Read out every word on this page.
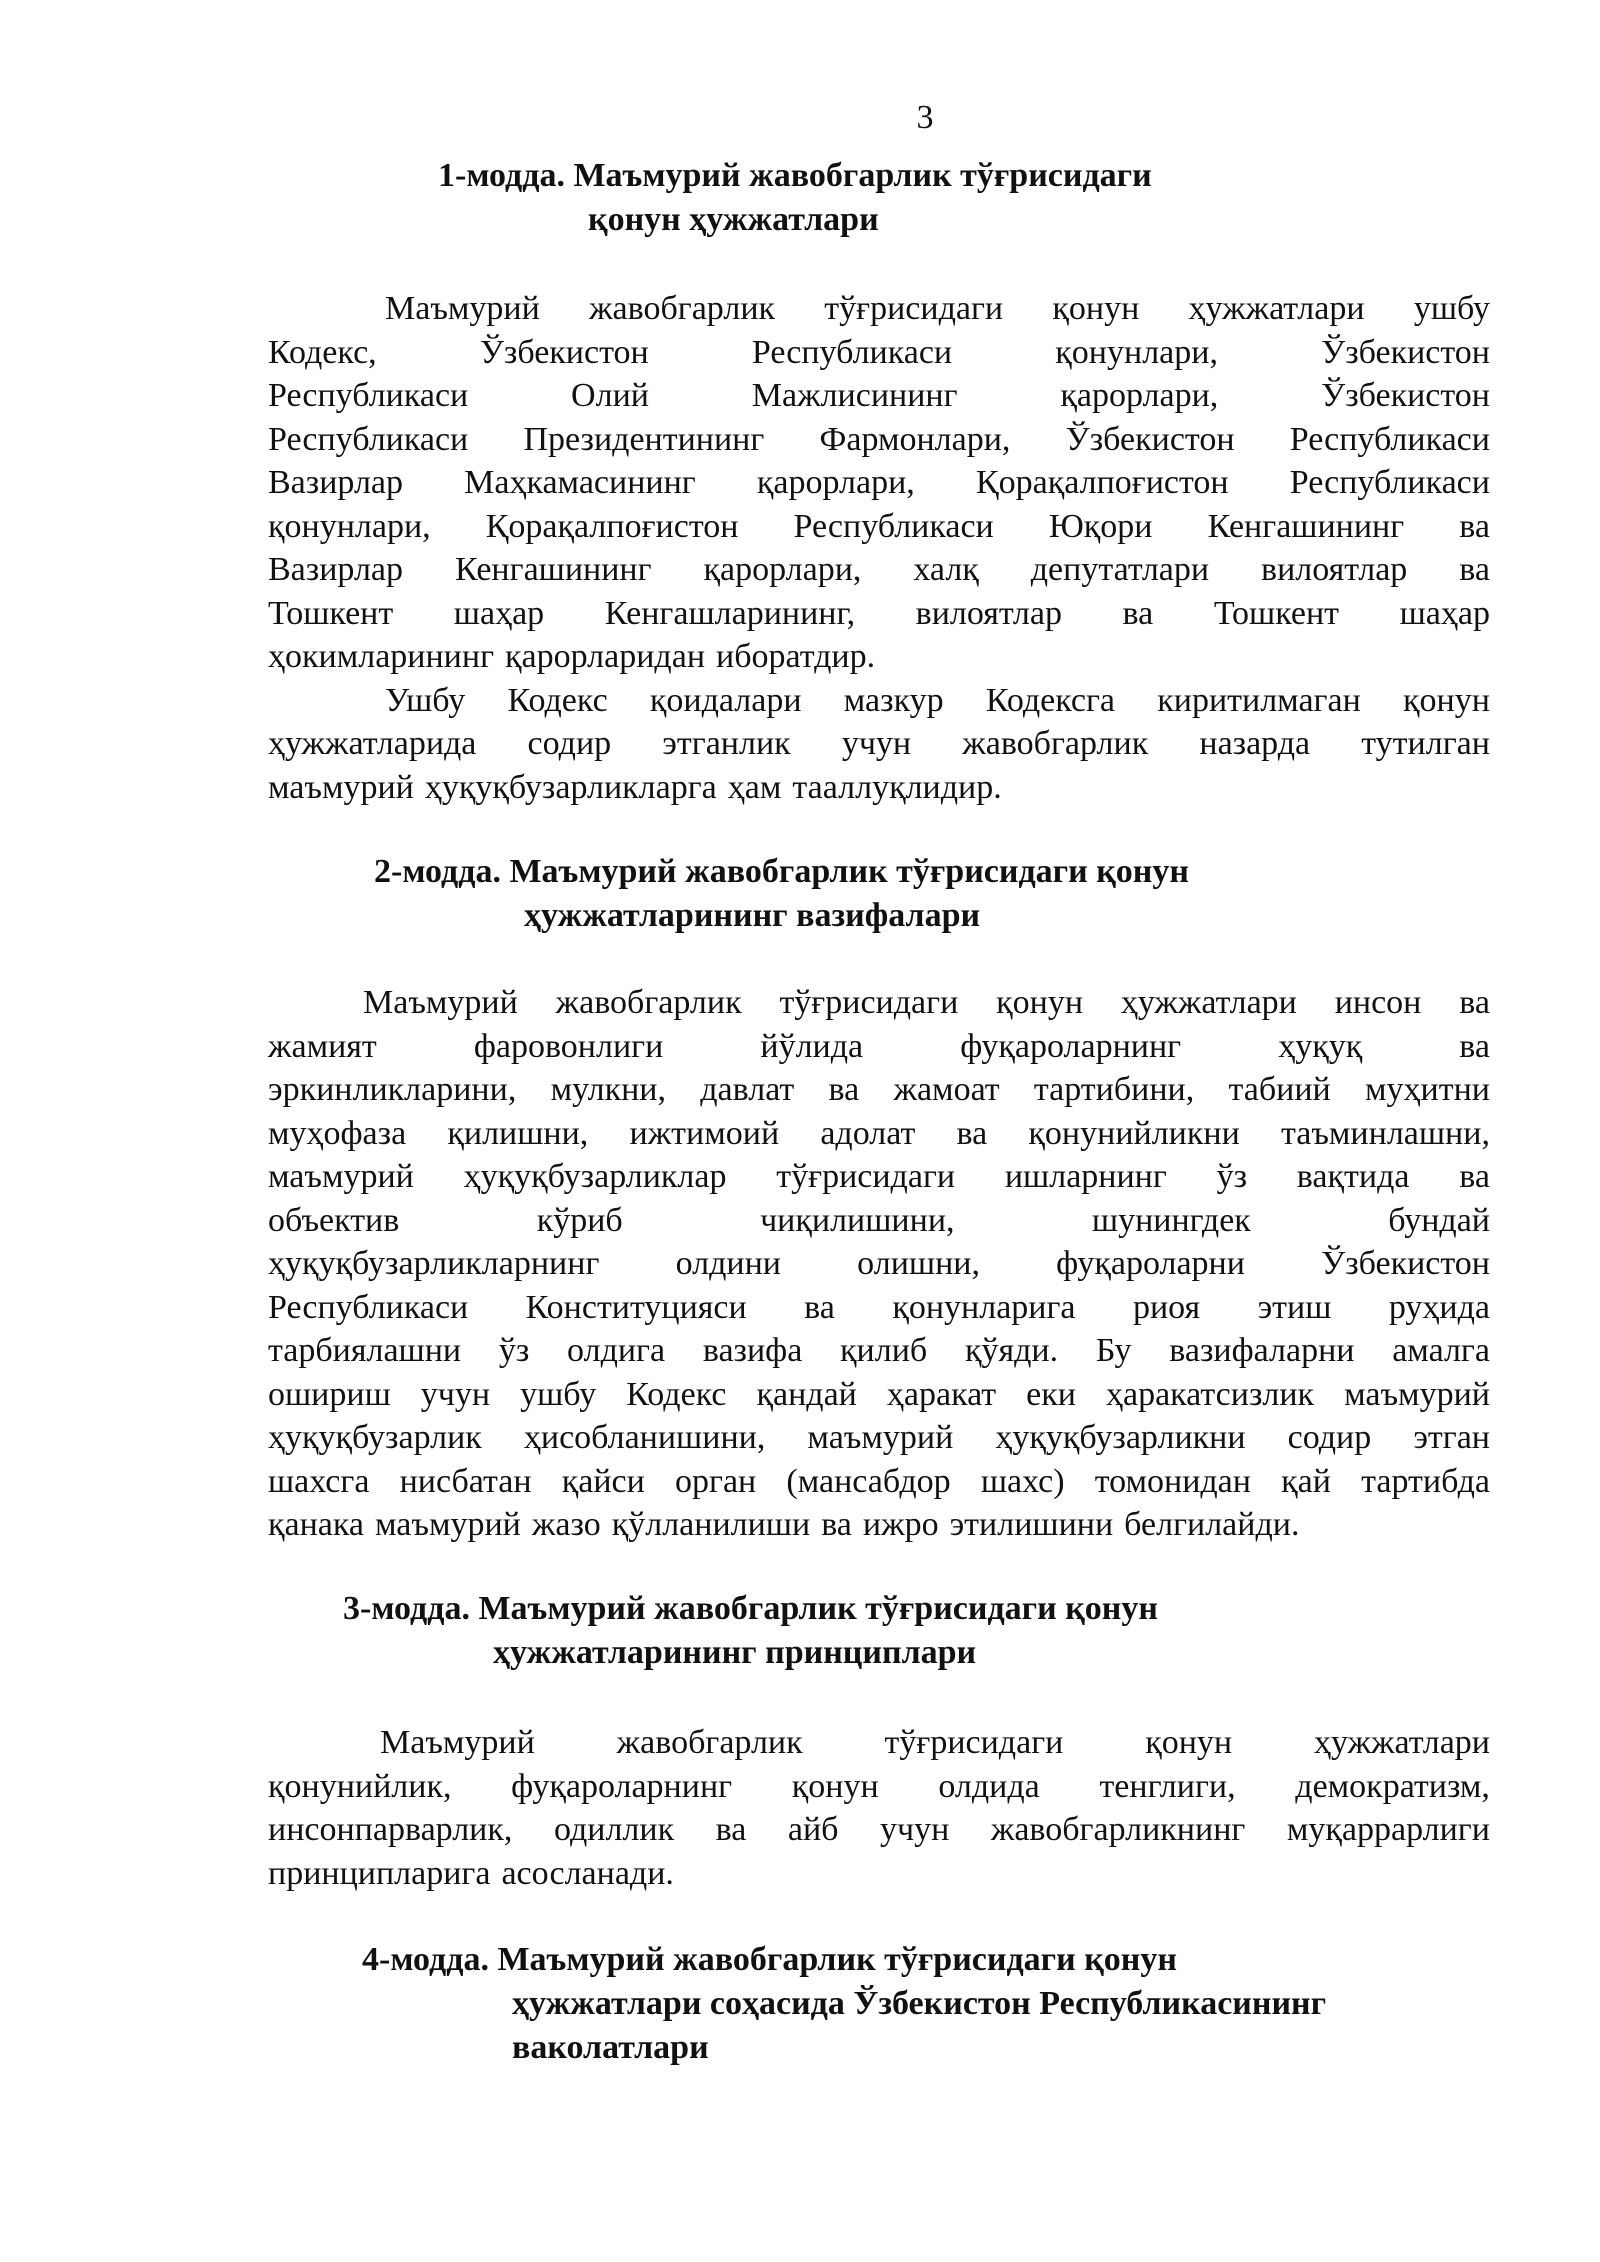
3
1-модда. Маъмурий жавобгарлик тўғрисидаги
қонун ҳужжатлари
Маъмурий жавобгарлик тўғрисидаги қонун ҳужжатлари ушбу
Кодекс,	Ўзбекистон	Республикаси	қонунлари,	Ўзбекистон
Республикаси	Олий	Мажлисининг	қарорлари,	Ўзбекистон
Республикаси Президентининг Фармонлари, Ўзбекистон Республикаси
Вазирлар Маҳкамасининг қарорлари, Қорақалпоғистон Республикаси
қонунлари, Қорақалпоғистон Республикаси Юқори Кенгашининг ва
Вазирлар Кенгашининг қарорлари, халқ депутатлари вилоятлар ва
Тошкент шаҳар Кенгашларининг, вилоятлар ва Тошкент шаҳар
ҳокимларининг қарорларидан иборатдир.
Ушбу Кодекс қоидалари мазкур Кодексга киритилмаган қонун
ҳужжатларида содир этганлик учун жавобгарлик назарда тутилган
маъмурий ҳуқуқбузарликларга ҳам тааллуқлидир.
2-модда. Маъмурий жавобгарлик тўғрисидаги қонун
ҳужжатларининг вазифалари
Маъмурий жавобгарлик тўғрисидаги қонун ҳужжатлари инсон ва
жамият	фаровонлиги	йўлида	фуқароларнинг	ҳуқуқ	ва
эркинликларини, мулкни, давлат ва жамоат тартибини, табиий муҳитни
муҳофаза қилишни, ижтимоий адолат ва қонунийликни таъминлашни,
маъмурий ҳуқуқбузарликлар тўғрисидаги ишларнинг ўз вақтида ва
объектив	кўриб	чиқилишини,	шунингдек	бундай
ҳуқуқбузарликларнинг олдини олишни, фуқароларни Ўзбекистон
Республикаси Конституцияси ва қонунларига риоя этиш руҳида
тарбиялашни ўз олдига вазифа қилиб қўяди. Бу вазифаларни амалга
ошириш учун ушбу Кодекс қандай ҳаракат еки ҳаракатсизлик маъмурий
ҳуқуқбузарлик ҳисобланишини, маъмурий ҳуқуқбузарликни содир этган
шахсга нисбатан қайси орган (мансабдор шахс) томонидан қай тартибда
қанака маъмурий жазо қўлланилиши ва ижро этилишини белгилайди.
3-модда. Маъмурий жавобгарлик тўғрисидаги қонун
ҳужжатларининг принциплари
Маъмурий жавобгарлик тўғрисидаги қонун ҳужжатлари
қонунийлик, фуқароларнинг қонун олдида тенглиги, демократизм,
инсонпарварлик, одиллик ва айб учун жавобгарликнинг муқаррарлиги
принципларига асосланади.
4-модда. Маъмурий жавобгарлик тўғрисидаги қонун
ҳужжатлари соҳасида Ўзбекистон Республикасининг
ваколатлари
